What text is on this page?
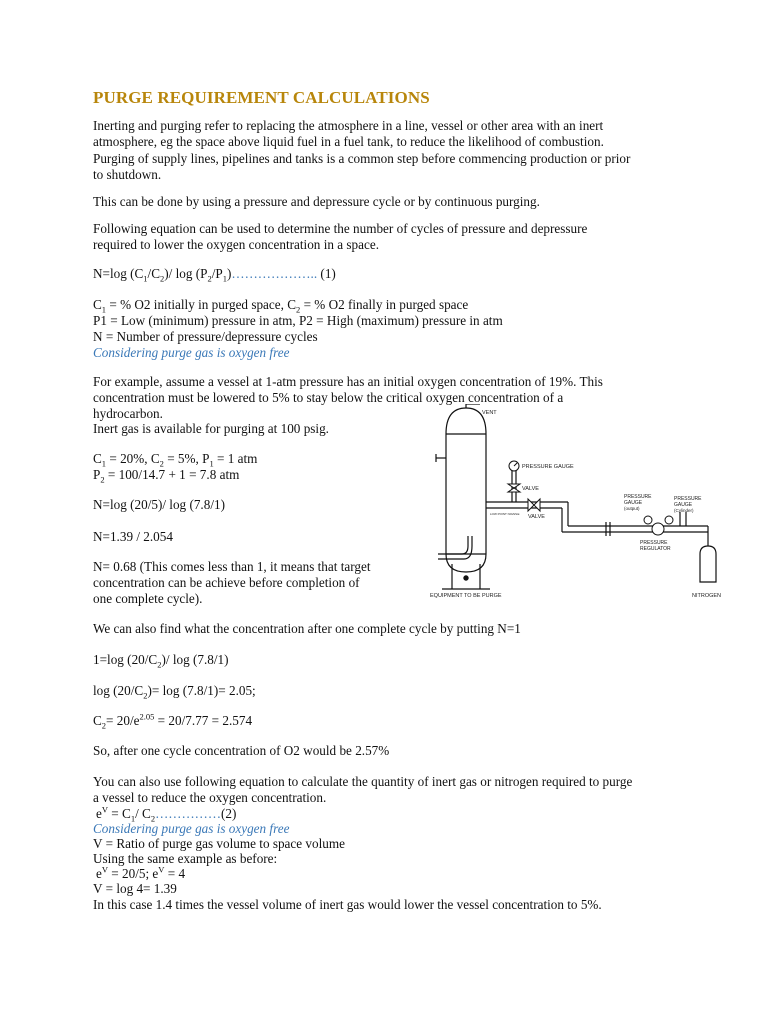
PURGE REQUIREMENT CALCULATIONS
Inerting and purging refer to replacing the atmosphere in a line, vessel or other area with an inert
atmosphere, eg the space above liquid fuel in a fuel tank, to reduce the likelihood of combustion.
Purging of supply lines, pipelines and tanks is a common step before commencing production or prior
to shutdown.
This can be done by using a pressure and depressure cycle or by continuous purging.
Following equation can be used to determine the number of cycles of pressure and depressure
required to lower the oxygen concentration in a space.
N=log $(C_1/C_2)/$ $\log (P_2/P_1)\dots\dots\dots\dots\dots\dots$.. (1)
$C_1$ = % O2 initially in purged space, $C_2$ = % O2 finally in purged space
P1 = Low (minimum) pressure in atm, P2 = High (maximum) pressure in atm
N = Number of pressure/depressure cycles
Considering purge gas is oxygen free
For example, assume a vessel at 1-atm pressure has an initial oxygen concentration of 19%. This
concentration must be lowered to 5% to stay below the critical oxygen concentration of a
hydrocarbon.
Inert gas is available for purging at 100 psig.
$C_1 = 20\%$, $C_2 = 5\%$, $P_1 = 1$ atm
$P_2 = 100/14.7 + 1 = 7.8$ atm
N=log (20/5)/ log (7.8/1)
N=1.39 / 2.054
N= 0.68 (This comes less than 1, it means that target
concentration can be achieve before completion of
one complete cycle).
We can also find what the concentration after one complete cycle by putting N=1
1=log $(20/C_2)/$ log (7.8/1)
$\log (20/C_2)= \log (7.8/1)= 2.05$;
$C_2= 20/e^{2.05} = 20/7.77 = 2.574$
So, after one cycle concentration of O2 would be 2.57%
You can also use following equation to calculate the quantity of inert gas or nitrogen required to purge
a vessel to reduce the oxygen concentration.
$e^V = C_1/$ $C_2\dots\dots\dots\dots\dots(2)$
Considering purge gas is oxygen free
V = Ratio of purge gas volume to space volume
Using the same example as before:
$e^V = 20/5$; $e^V = 4$
V = log 4= 1.39
In this case 1.4 times the vessel volume of inert gas would lower the vessel concentration to 5%.
VENT
PRESSURE GAUGE
VALVE
LOW POINT NOZZLE VALVE
PRESSURE
GAUGE
(output)
PRESSURE
GAUGE
(Cylinder)
PRESSURE
REGULATOR
EQUIPMENT TO BE PURGE	NITROGEN
